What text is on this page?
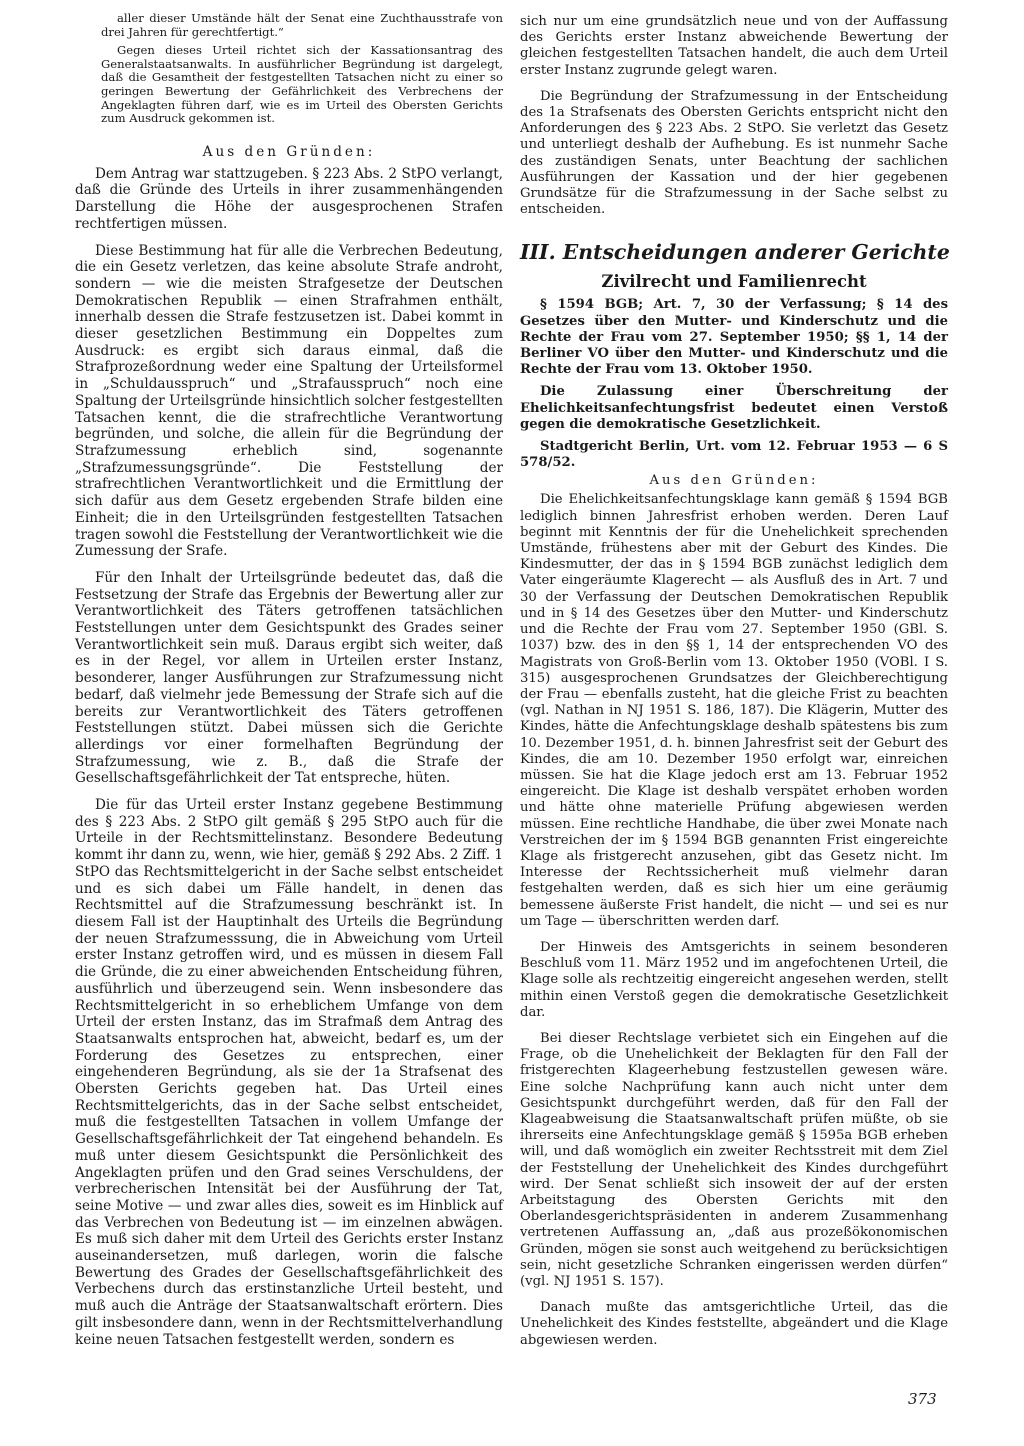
aller dieser Umstände hält der Senat eine Zuchthausstrafe von drei Jahren für gerechtfertigt.“

Gegen dieses Urteil richtet sich der Kassationsantrag des Generalstaatsanwalts. In ausführlicher Begründung ist dargelegt, daß die Gesamtheit der festgestellten Tatsachen nicht zu einer so geringen Bewertung der Gefährlichkeit des Verbrechens der Angeklagten führen darf, wie es im Urteil des Obersten Gerichts zum Ausdruck gekommen ist.

Aus den Gründen:

Dem Antrag war stattzugeben. § 223 Abs. 2 StPO verlangt, daß die Gründe des Urteils in ihrer zusammenhängenden Darstellung die Höhe der ausgesprochenen Strafen rechtfertigen müssen.

Diese Bestimmung hat für alle die Verbrechen Bedeutung, die ein Gesetz verletzen, das keine absolute Strafe androht, sondern — wie die meisten Strafgesetze der Deutschen Demokratischen Republik — einen Strafrahmen enthält, innerhalb dessen die Strafe festzusetzen ist. Dabei kommt in dieser gesetzlichen Bestimmung ein Doppeltes zum Ausdruck: es ergibt sich daraus einmal, daß die Strafprozeßordnung weder eine Spaltung der Urteilsformel in „Schuldausspruch“ und „Strafausspruch“ noch eine Spaltung der Urteilsgründe hinsichtlich solcher festgestellten Tatsachen kennt, die die strafrechtliche Verantwortung begründen, und solche, die allein für die Begründung der Strafzumessung erheblich sind, sogenannte „Strafzumessungsgründe“. Die Feststellung der strafrechtlichen Verantwortlichkeit und die Ermittlung der sich dafür aus dem Gesetz ergebenden Strafe bilden eine Einheit; die in den Urteilsgründen festgestellten Tatsachen tragen sowohl die Feststellung der Verantwortlichkeit wie die Zumessung der Srafe.

Für den Inhalt der Urteilsgründe bedeutet das, daß die Festsetzung der Strafe das Ergebnis der Bewertung aller zur Verantwortlichkeit des Täters getroffenen tatsächlichen Feststellungen unter dem Gesichtspunkt des Grades seiner Verantwortlichkeit sein muß. Daraus ergibt sich weiter, daß es in der Regel, vor allem in Urteilen erster Instanz, besonderer, langer Ausführungen zur Strafzumessung nicht bedarf, daß vielmehr jede Bemessung der Strafe sich auf die bereits zur Verantwortlichkeit des Täters getroffenen Feststellungen stützt. Dabei müssen sich die Gerichte allerdings vor einer formelhaften Begründung der Strafzumessung, wie z. B., daß die Strafe der Gesellschaftsgefährlichkeit der Tat entspreche, hüten.

Die für das Urteil erster Instanz gegebene Bestimmung des § 223 Abs. 2 StPO gilt gemäß § 295 StPO auch für die Urteile in der Rechtsmittelinstanz. Besondere Bedeutung kommt ihr dann zu, wenn, wie hier, gemäß § 292 Abs. 2 Ziff. 1 StPO das Rechtsmittelgericht in der Sache selbst entscheidet und es sich dabei um Fälle handelt, in denen das Rechtsmittel auf die Strafzumessung beschränkt ist. In diesem Fall ist der Hauptinhalt des Urteils die Begründung der neuen Strafzumesssung, die in Abweichung vom Urteil erster Instanz getroffen wird, und es müssen in diesem Fall die Gründe, die zu einer abweichenden Entscheidung führen, ausführlich und überzeugend sein. Wenn insbesondere das Rechtsmittelgericht in so erheblichem Umfange von dem Urteil der ersten Instanz, das im Strafmaß dem Antrag des Staatsanwalts entsprochen hat, abweicht, bedarf es, um der Forderung des Gesetzes zu entsprechen, einer eingehenderen Begründung, als sie der 1a Strafsenat des Obersten Gerichts gegeben hat. Das Urteil eines Rechtsmittelgerichts, das in der Sache selbst entscheidet, muß die festgestellten Tatsachen in vollem Umfange der Gesellschaftsgefährlichkeit der Tat eingehend behandeln. Es muß unter diesem Gesichtspunkt die Persönlichkeit des Angeklagten prüfen und den Grad seines Verschuldens, der verbrecherischen Intensität bei der Ausführung der Tat, seine Motive — und zwar alles dies, soweit es im Hinblick auf das Verbrechen von Bedeutung ist — im einzelnen abwägen. Es muß sich daher mit dem Urteil des Gerichts erster Instanz auseinandersetzen, muß darlegen, worin die falsche Bewertung des Grades der Gesellschaftsgefährlichkeit des Verbechens durch das erstinstanzliche Urteil besteht, und muß auch die Anträge der Staatsanwaltschaft erörtern. Dies gilt insbesondere dann, wenn in der Rechtsmittelverhandlung keine neuen Tatsachen festgestellt werden, sondern es

sich nur um eine grundsätzlich neue und von der Auffassung des Gerichts erster Instanz abweichende Bewertung der gleichen festgestellten Tatsachen handelt, die auch dem Urteil erster Instanz zugrunde gelegt waren.

Die Begründung der Strafzumessung in der Entscheidung des 1a Strafsenats des Obersten Gerichts entspricht nicht den Anforderungen des § 223 Abs. 2 StPO. Sie verletzt das Gesetz und unterliegt deshalb der Aufhebung. Es ist nunmehr Sache des zuständigen Senats, unter Beachtung der sachlichen Ausführungen der Kassation und der hier gegebenen Grundsätze für die Strafzumessung in der Sache selbst zu entscheiden.

III. Entscheidungen anderer Gerichte
Zivilrecht und Familienrecht

§ 1594 BGB; Art. 7, 30 der Verfassung; § 14 des Gesetzes über den Mutter- und Kinderschutz und die Rechte der Frau vom 27. September 1950; §§ 1, 14 der Berliner VO über den Mutter- und Kinderschutz und die Rechte der Frau vom 13. Oktober 1950.

Die Zulassung einer Überschreitung der Ehelichkeitsanfechtungsfrist bedeutet einen Verstoß gegen die demokratische Gesetzlichkeit.

Stadtgericht Berlin, Urt. vom 12. Februar 1953 — 6 S 578/52.

Aus den Gründen:

Die Ehelichkeitsanfechtungsklage kann gemäß § 1594 BGB lediglich binnen Jahresfrist erhoben werden. Deren Lauf beginnt mit Kenntnis der für die Unehelichkeit sprechenden Umstände, frühestens aber mit der Geburt des Kindes. Die Kindesmutter, der das in § 1594 BGB zunächst lediglich dem Vater eingeräumte Klagerecht — als Ausfluß des in Art. 7 und 30 der Verfassung der Deutschen Demokratischen Republik und in § 14 des Gesetzes über den Mutter- und Kinderschutz und die Rechte der Frau vom 27. September 1950 (GBl. S. 1037) bzw. des in den §§ 1, 14 der entsprechenden VO des Magistrats von Groß-Berlin vom 13. Oktober 1950 (VOBl. I S. 315) ausgesprochenen Grundsatzes der Gleichberechtigung der Frau — ebenfalls zusteht, hat die gleiche Frist zu beachten (vgl. Nathan in NJ 1951 S. 186, 187). Die Klägerin, Mutter des Kindes, hätte die Anfechtungsklage deshalb spätestens bis zum 10. Dezember 1951, d. h. binnen Jahresfrist seit der Geburt des Kindes, die am 10. Dezember 1950 erfolgt war, einreichen müssen. Sie hat die Klage jedoch erst am 13. Februar 1952 eingereicht. Die Klage ist deshalb verspätet erhoben worden und hätte ohne materielle Prüfung abgewiesen werden müssen. Eine rechtliche Handhabe, die über zwei Monate nach Verstreichen der im § 1594 BGB genannten Frist eingereichte Klage als fristgerecht anzusehen, gibt das Gesetz nicht. Im Interesse der Rechtssicherheit muß vielmehr daran festgehalten werden, daß es sich hier um eine geräumig bemessene äußerste Frist handelt, die nicht — und sei es nur um Tage — überschritten werden darf.

Der Hinweis des Amtsgerichts in seinem besonderen Beschluß vom 11. März 1952 und im angefochtenen Urteil, die Klage solle als rechtzeitig eingereicht angesehen werden, stellt mithin einen Verstoß gegen die demokratische Gesetzlichkeit dar.

Bei dieser Rechtslage verbietet sich ein Eingehen auf die Frage, ob die Unehelichkeit der Beklagten für den Fall der fristgerechten Klageerhebung festzustellen gewesen wäre. Eine solche Nachprüfung kann auch nicht unter dem Gesichtspunkt durchgeführt werden, daß für den Fall der Klageabweisung die Staatsanwaltschaft prüfen müßte, ob sie ihrerseits eine Anfechtungsklage gemäß § 1595a BGB erheben will, und daß womöglich ein zweiter Rechtsstreit mit dem Ziel der Feststellung der Unehelichkeit des Kindes durchgeführt wird. Der Senat schließt sich insoweit der auf der ersten Arbeitstagung des Obersten Gerichts mit den Oberlandesgerichtspräsidenten in anderem Zusammenhang vertretenen Auffassung an, „daß aus prozeßökonomischen Gründen, mögen sie sonst auch weitgehend zu berücksichtigen sein, nicht gesetzliche Schranken eingerissen werden dürfen“ (vgl. NJ 1951 S. 157).

Danach mußte das amtsgerichtliche Urteil, das die Unehelichkeit des Kindes feststellte, abgeändert und die Klage abgewiesen werden.

373
